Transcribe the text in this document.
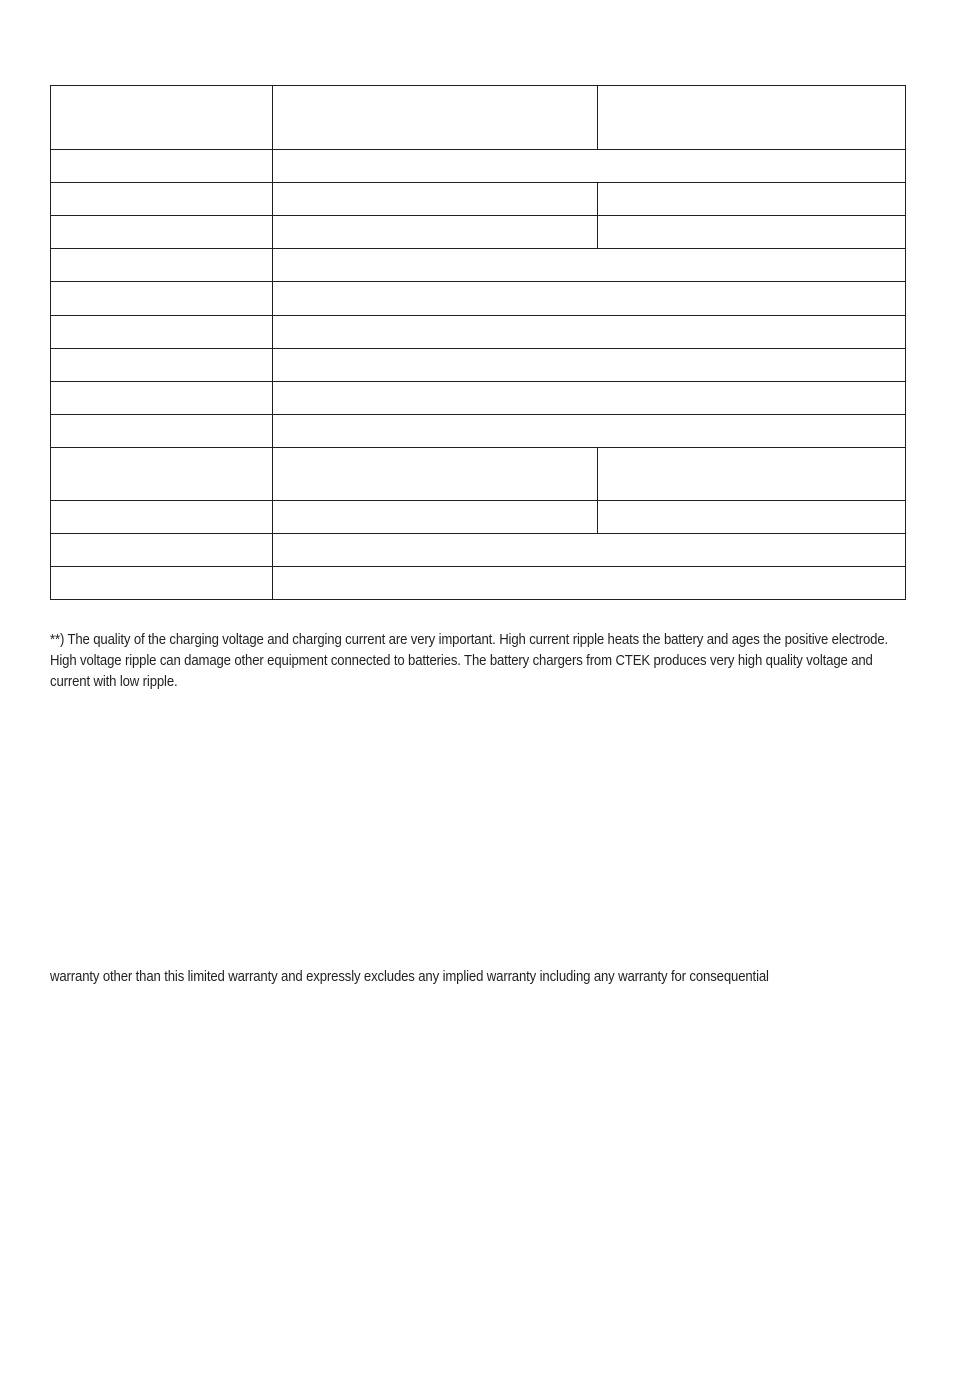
**) The quality of the charging voltage and charging current are very important. High current ripple heats the battery and ages the positive electrode. High voltage ripple can damage other equipment connected to batteries. The battery chargers from CTEK produces very high quality voltage and current with low ripple.

warranty other than this limited warranty and expressly excludes any implied warranty including any warranty for consequential
